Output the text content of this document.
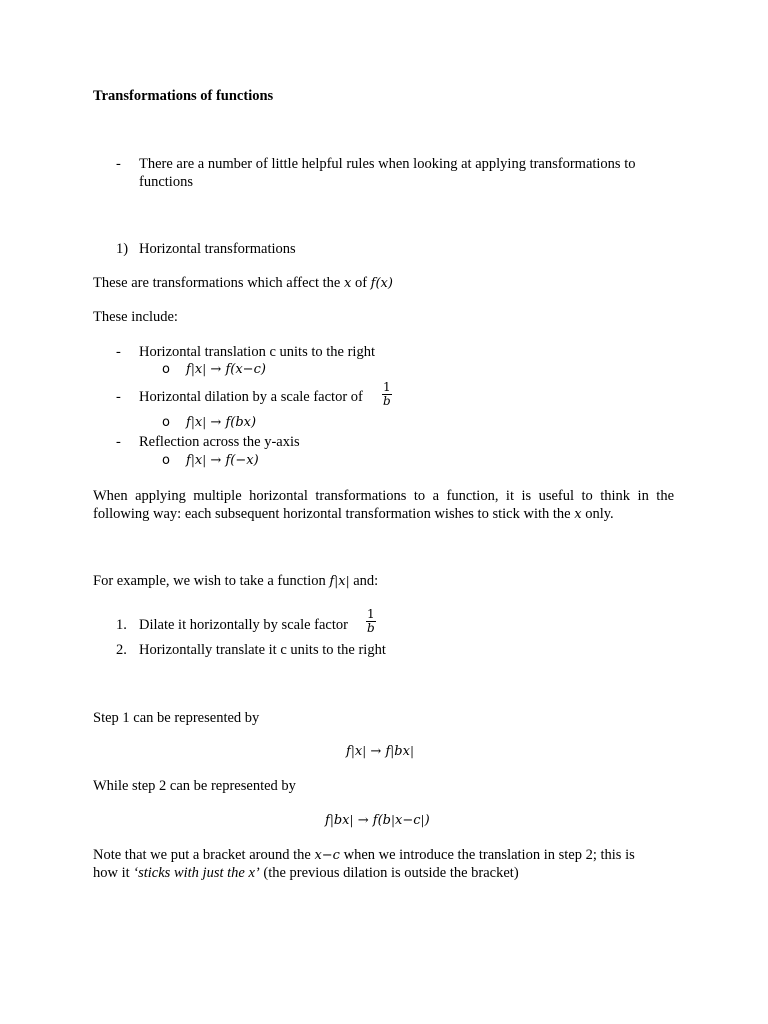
Transformations of functions
- There are a number of little helpful rules when looking at applying transformations to
functions
1) Horizontal transformations
These are transformations which affect the x of f(x)
These include:
- Horizontal translation c units to the right
o f|x| → f(x−c)
- Horizontal dilation by a scale factor of $\frac{1}{b}$
o f|x| → f(bx)
- Reflection across the y-axis
o f|x| → f(−x)
When applying multiple horizontal transformations to a function, it is useful to think in the
following way: each subsequent horizontal transformation wishes to stick with the x only.
For example, we wish to take a function f|x| and:
1. Dilate it horizontally by scale factor $\frac{1}{b}$
2. Horizontally translate it c units to the right
Step 1 can be represented by
f|x| → f|bx|
While step 2 can be represented by
f|bx| → f(b|x−c|)
Note that we put a bracket around the x−c when we introduce the translation in step 2; this is
how it ‘sticks with just the x’ (the previous dilation is outside the bracket)
